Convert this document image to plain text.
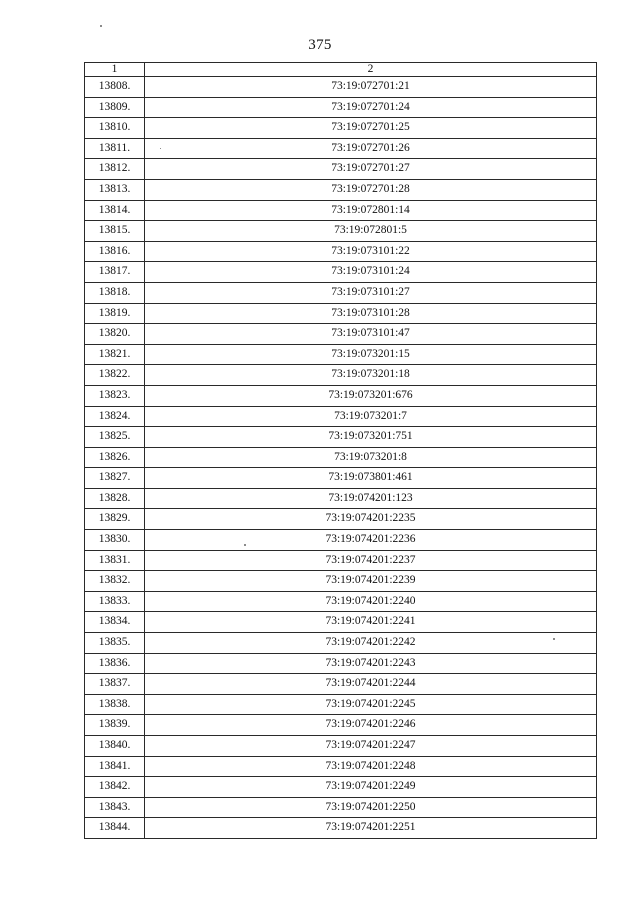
375
1	2
13808.	73:19:072701:21
13809.	73:19:072701:24
13810.	73:19:072701:25
13811.	73:19:072701:26
13812.	73:19:072701:27
13813.	73:19:072701:28
13814.	73:19:072801:14
13815.	73:19:072801:5
13816.	73:19:073101:22
13817.	73:19:073101:24
13818.	73:19:073101:27
13819.	73:19:073101:28
13820.	73:19:073101:47
13821.	73:19:073201:15
13822.	73:19:073201:18
13823.	73:19:073201:676
13824.	73:19:073201:7
13825.	73:19:073201:751
13826.	73:19:073201:8
13827.	73:19:073801:461
13828.	73:19:074201:123
13829.	73:19:074201:2235
13830.	73:19:074201:2236
13831.	73:19:074201:2237
13832.	73:19:074201:2239
13833.	73:19:074201:2240
13834.	73:19:074201:2241
13835.	73:19:074201:2242
13836.	73:19:074201:2243
13837.	73:19:074201:2244
13838.	73:19:074201:2245
13839.	73:19:074201:2246
13840.	73:19:074201:2247
13841.	73:19:074201:2248
13842.	73:19:074201:2249
13843.	73:19:074201:2250
13844.	73:19:074201:2251
